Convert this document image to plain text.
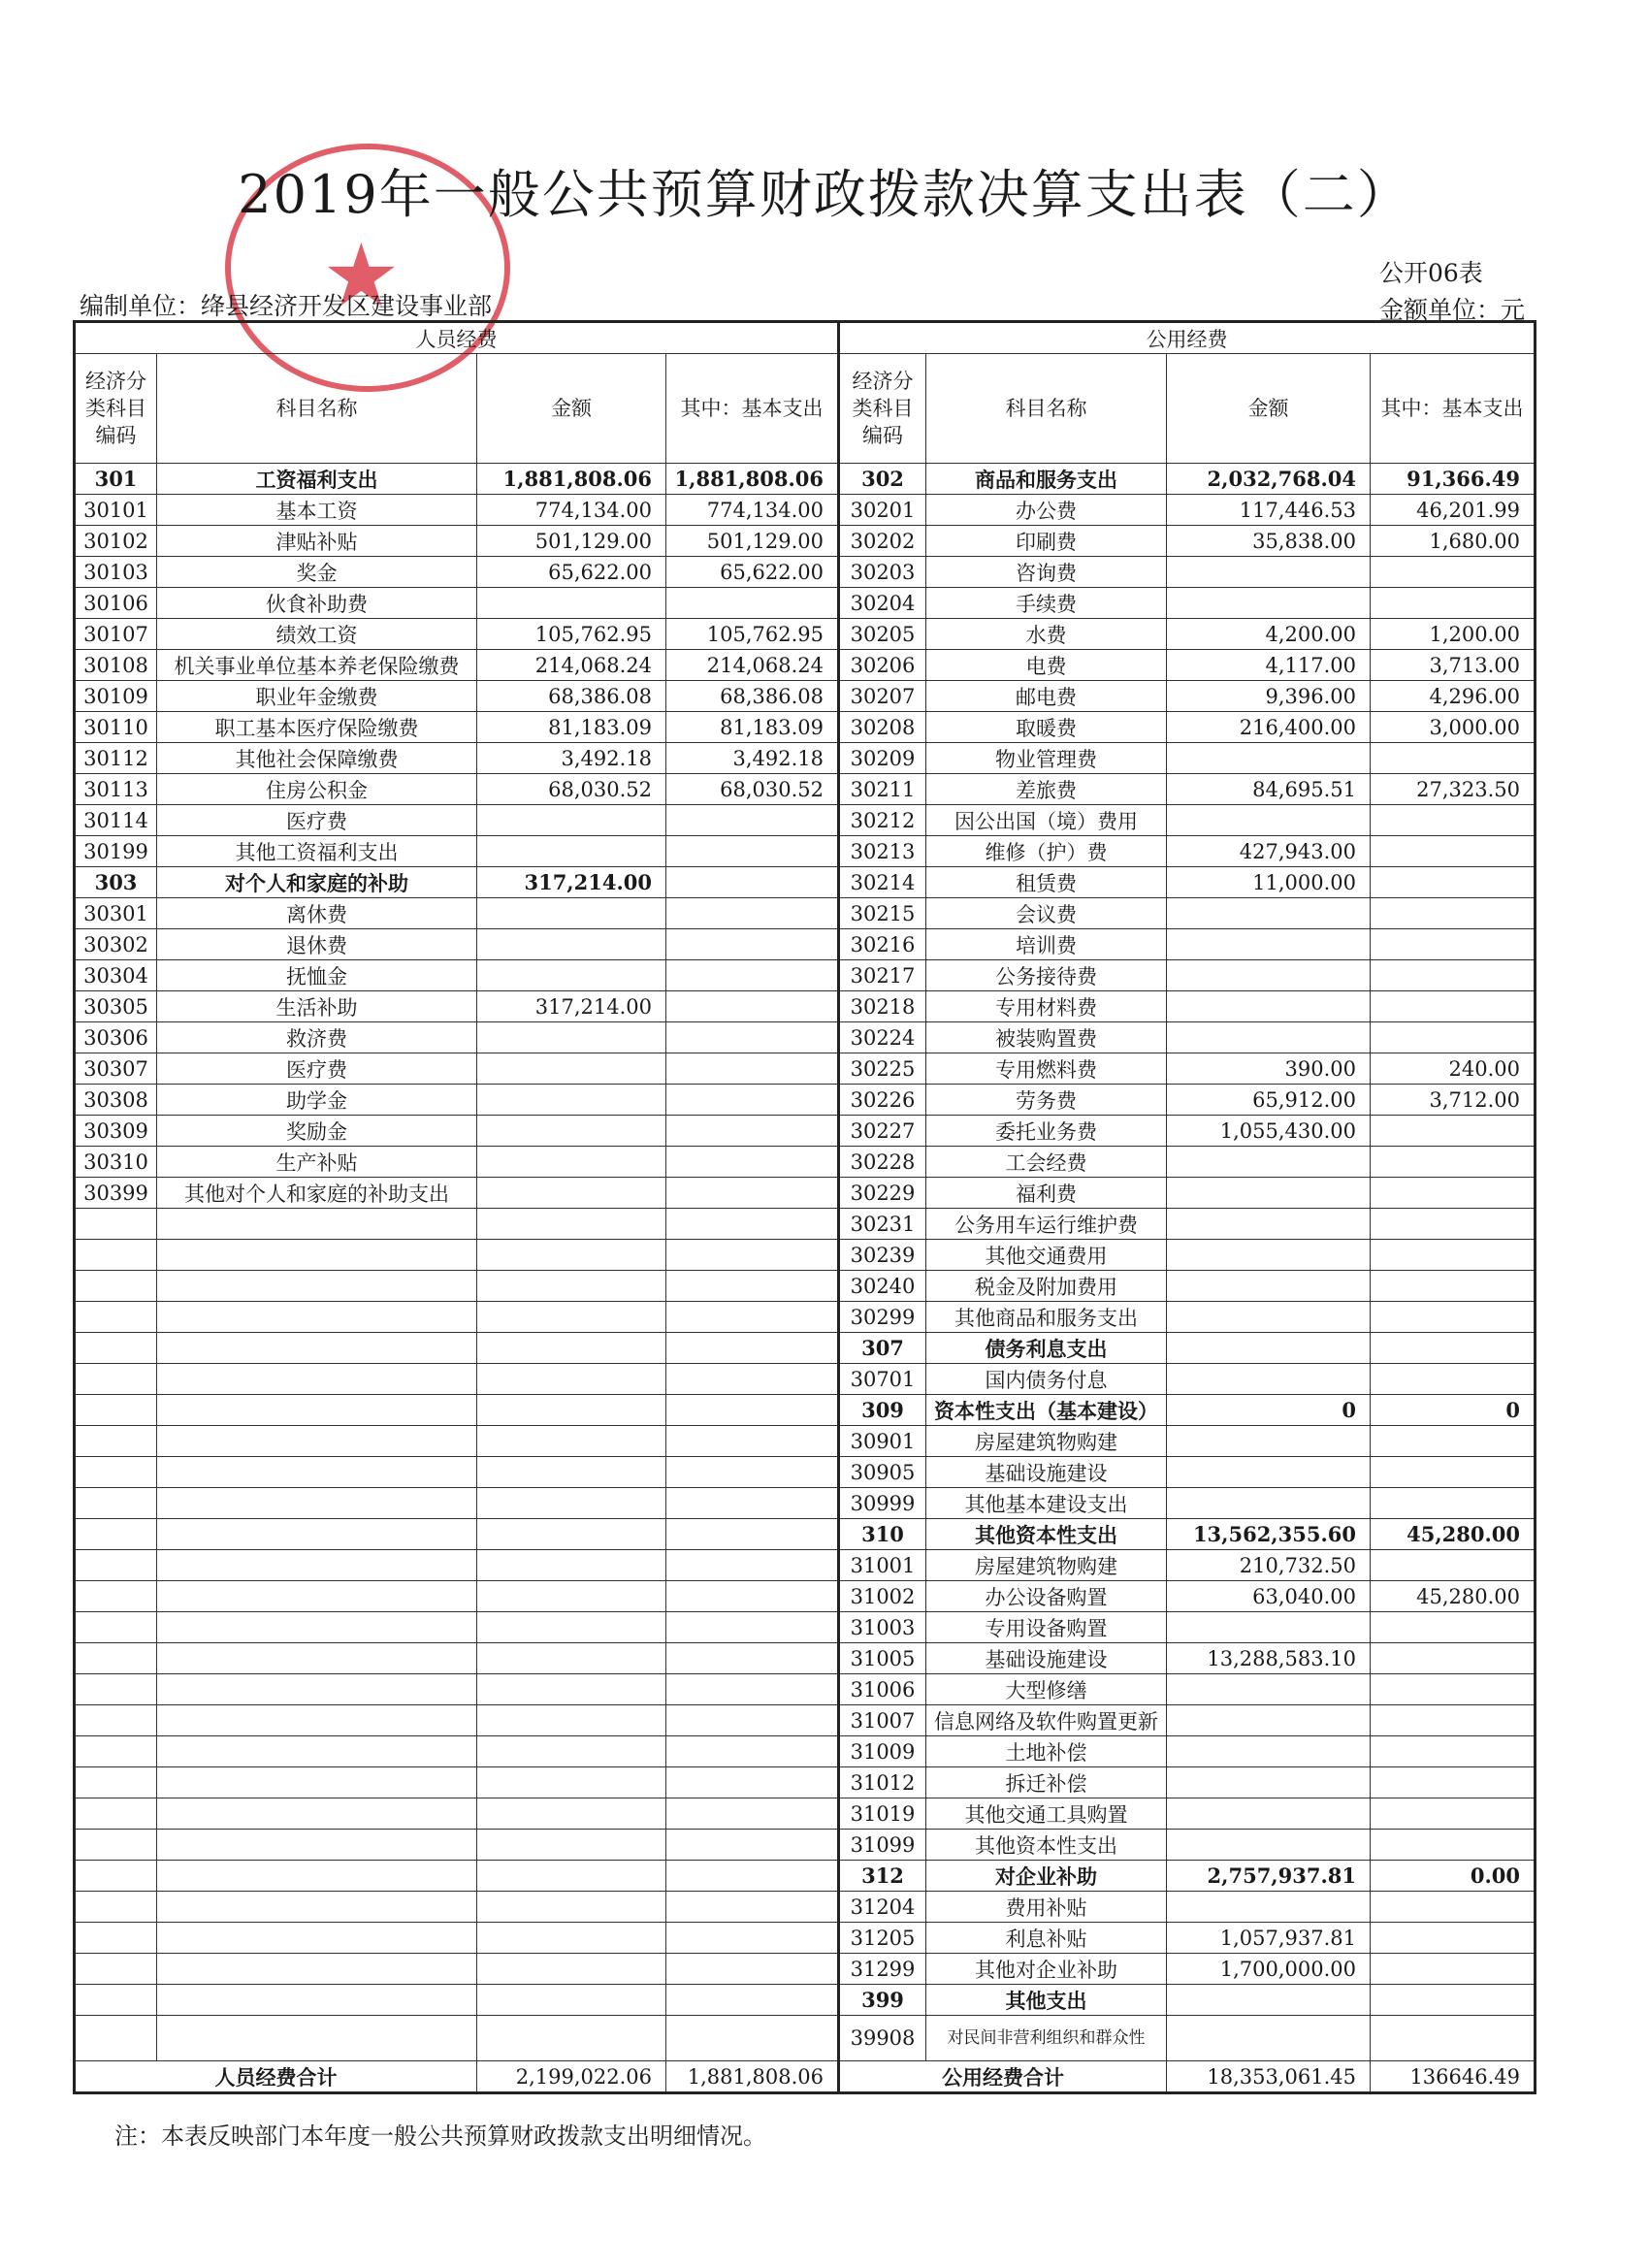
★
2019年一般公共预算财政拨款决算支出表（二）
公开06表
金额单位：元
编制单位：绛县经济开发区建设事业部
人员经费				公用经费			
经济分类科目编码	科目名称	金额	其中：基本支出	经济分类科目编码	科目名称	金额	其中：基本支出
301	工资福利支出	1,881,808.06	1,881,808.06	302	商品和服务支出	2,032,768.04	91,366.49
30101	基本工资	774,134.00	774,134.00	30201	办公费	117,446.53	46,201.99
30102	津贴补贴	501,129.00	501,129.00	30202	印刷费	35,838.00	1,680.00
30103	奖金	65,622.00	65,622.00	30203	咨询费		
30106	伙食补助费			30204	手续费		
30107	绩效工资	105,762.95	105,762.95	30205	水费	4,200.00	1,200.00
30108	机关事业单位基本养老保险缴费	214,068.24	214,068.24	30206	电费	4,117.00	3,713.00
30109	职业年金缴费	68,386.08	68,386.08	30207	邮电费	9,396.00	4,296.00
30110	职工基本医疗保险缴费	81,183.09	81,183.09	30208	取暖费	216,400.00	3,000.00
30112	其他社会保障缴费	3,492.18	3,492.18	30209	物业管理费		
30113	住房公积金	68,030.52	68,030.52	30211	差旅费	84,695.51	27,323.50
30114	医疗费			30212	因公出国（境）费用		
30199	其他工资福利支出			30213	维修（护）费	427,943.00	
303	对个人和家庭的补助	317,214.00		30214	租赁费	11,000.00	
30301	离休费			30215	会议费		
30302	退休费			30216	培训费		
30304	抚恤金			30217	公务接待费		
30305	生活补助	317,214.00		30218	专用材料费		
30306	救济费			30224	被装购置费		
30307	医疗费			30225	专用燃料费	390.00	240.00
30308	助学金			30226	劳务费	65,912.00	3,712.00
30309	奖励金			30227	委托业务费	1,055,430.00	
30310	生产补贴			30228	工会经费		
30399	其他对个人和家庭的补助支出			30229	福利费		
				30231	公务用车运行维护费		
				30239	其他交通费用		
				30240	税金及附加费用		
				30299	其他商品和服务支出		
				307	债务利息支出		
				30701	国内债务付息		
				309	资本性支出（基本建设）	0	0
				30901	房屋建筑物购建		
				30905	基础设施建设		
				30999	其他基本建设支出		
				310	其他资本性支出	13,562,355.60	45,280.00
				31001	房屋建筑物购建	210,732.50	
				31002	办公设备购置	63,040.00	45,280.00
				31003	专用设备购置		
				31005	基础设施建设	13,288,583.10	
				31006	大型修缮		
				31007	信息网络及软件购置更新		
				31009	土地补偿		
				31012	拆迁补偿		
				31019	其他交通工具购置		
				31099	其他资本性支出		
				312	对企业补助	2,757,937.81	0.00
				31204	费用补贴		
				31205	利息补贴	1,057,937.81	
				31299	其他对企业补助	1,700,000.00	
				399	其他支出		
				39908	对民间非营利组织和群众性		
人员经费合计		2,199,022.06	1,881,808.06	公用经费合计		18,353,061.45	136646.49
注：本表反映部门本年度一般公共预算财政拨款支出明细情况。
